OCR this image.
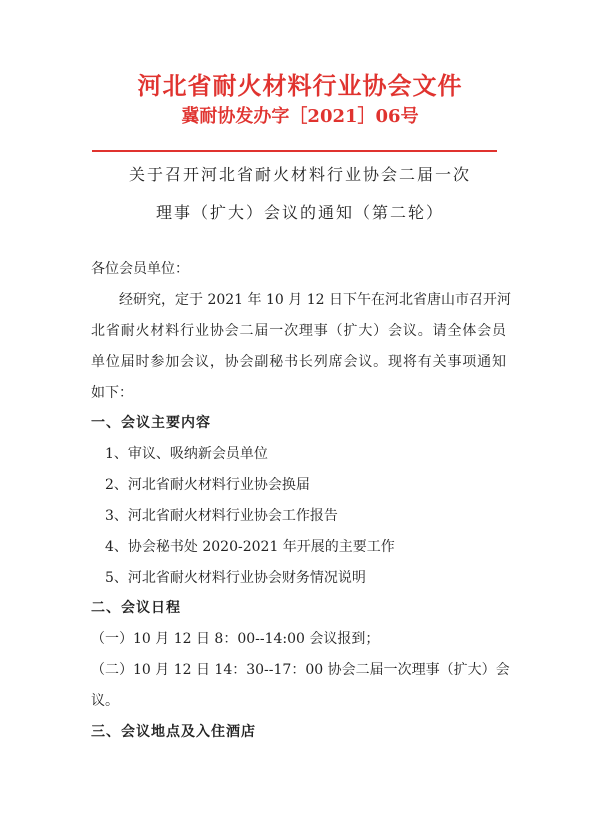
河北省耐火材料行业协会文件
冀耐协发办字［2021］06号
关于召开河北省耐火材料行业协会二届一次
理事（扩大）会议的通知（第二轮）
各位会员单位：
经研究，定于 2021 年 10 月 12 日下午在河北省唐山市召开河
北省耐火材料行业协会二届一次理事（扩大）会议。请全体会员
单位届时参加会议，协会副秘书长列席会议。现将有关事项通知
如下：
一、会议主要内容
1、审议、吸纳新会员单位
2、河北省耐火材料行业协会换届
3、河北省耐火材料行业协会工作报告
4、协会秘书处 2020-2021 年开展的主要工作
5、河北省耐火材料行业协会财务情况说明
二、会议日程
（一）10 月 12 日 8：00--14:00 会议报到；
（二）10 月 12 日 14：30--17：00 协会二届一次理事（扩大）会
议。
三、会议地点及入住酒店
